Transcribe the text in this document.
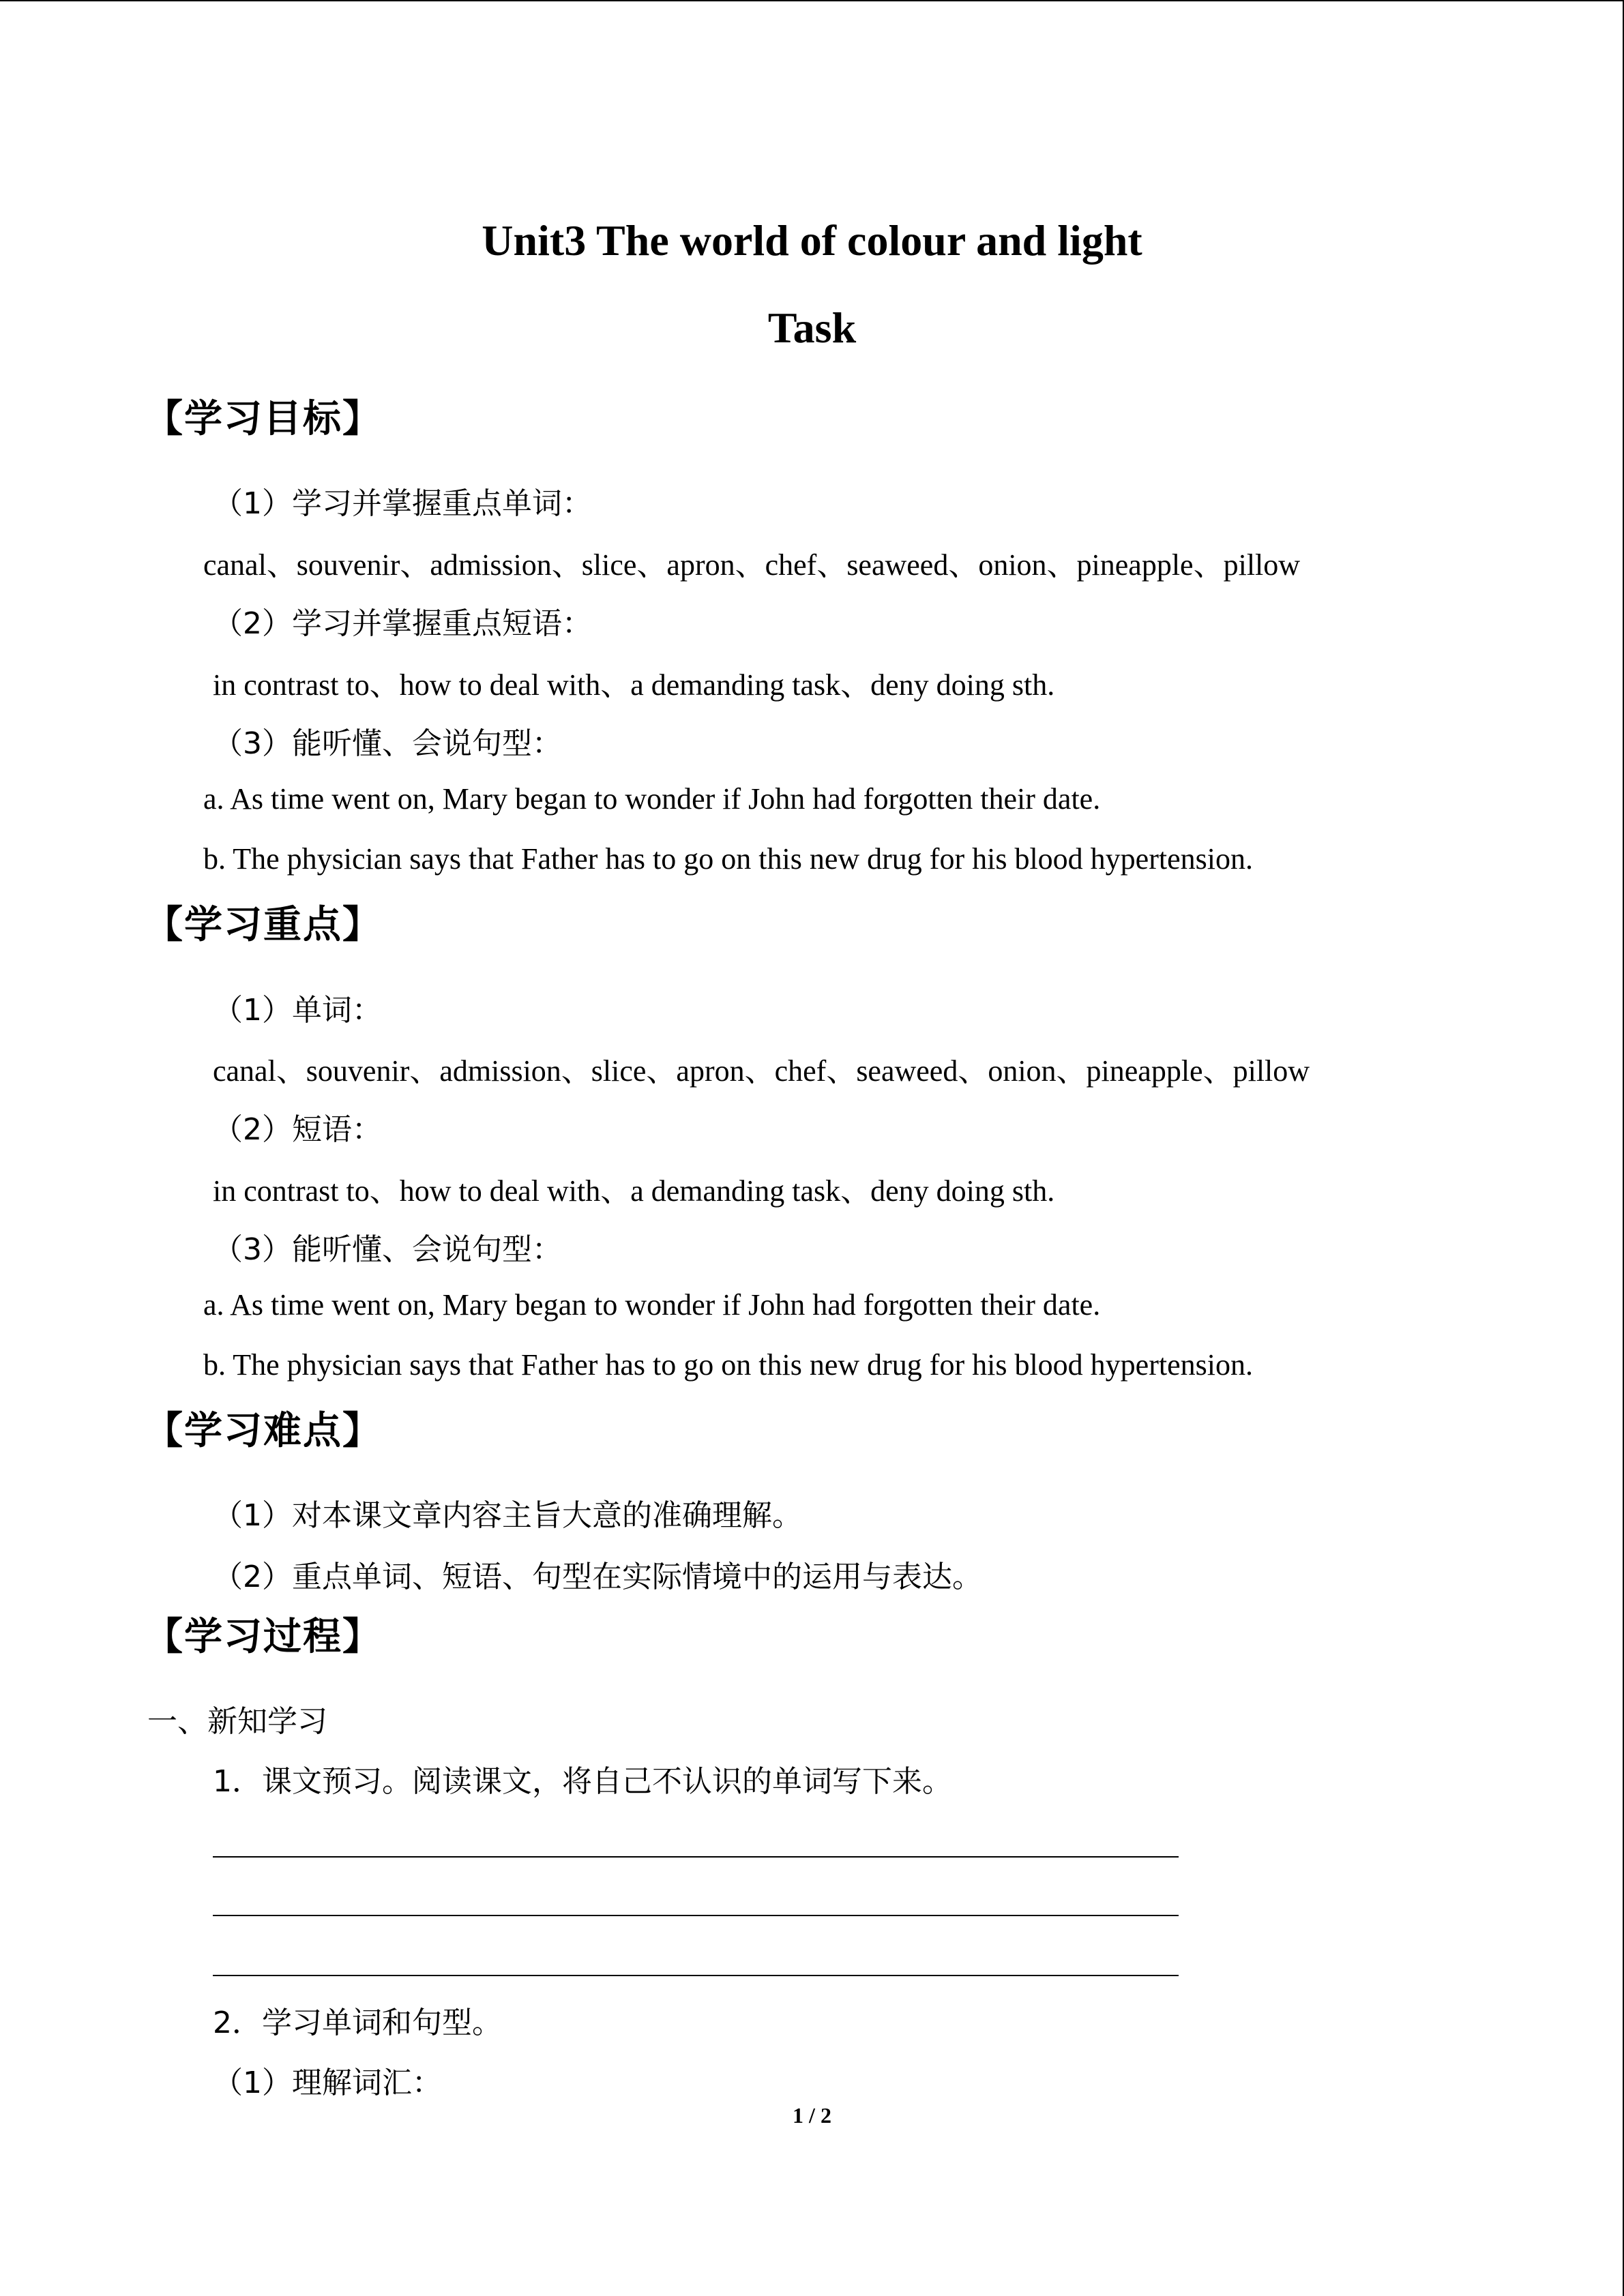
Unit3 The world of colour and light
Task
【学习目标】
（1）学习并掌握重点单词：
canal、souvenir、admission、slice、apron、chef、seaweed、onion、pineapple、pillow
（2）学习并掌握重点短语：
in contrast to、how to deal with、a demanding task、deny doing sth.
（3）能听懂、会说句型：
a. As time went on, Mary began to wonder if John had forgotten their date.
b. The physician says that Father has to go on this new drug for his blood hypertension.
【学习重点】
（1）单词：
canal、souvenir、admission、slice、apron、chef、seaweed、onion、pineapple、pillow
（2）短语：
in contrast to、how to deal with、a demanding task、deny doing sth.
（3）能听懂、会说句型：
a. As time went on, Mary began to wonder if John had forgotten their date.
b. The physician says that Father has to go on this new drug for his blood hypertension.
【学习难点】
（1）对本课文章内容主旨大意的准确理解。
（2）重点单词、短语、句型在实际情境中的运用与表达。
【学习过程】
一、新知学习
1．课文预习。阅读课文，将自己不认识的单词写下来。
2．学习单词和句型。
（1）理解词汇：
1 / 2
